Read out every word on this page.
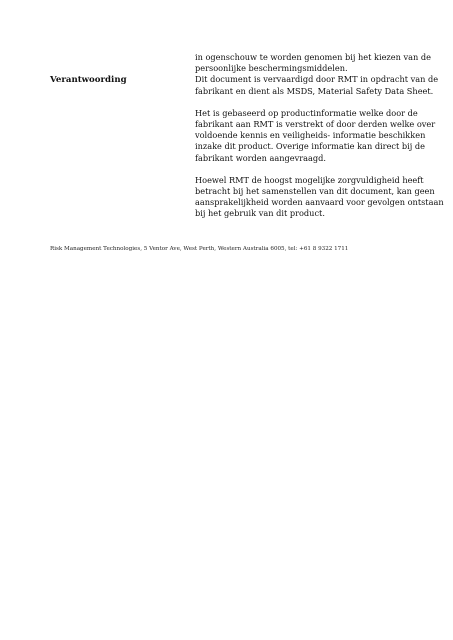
Verantwoording
in ogenschouw te worden genomen bij het kiezen van de
persoonlijke beschermingsmiddelen.
Dit document is vervaardigd door RMT in opdracht van de
fabrikant en dient als MSDS, Material Safety Data Sheet.
Het is gebaseerd op productinformatie welke door de
fabrikant aan RMT is verstrekt of door derden welke over
voldoende kennis en veiligheids- informatie beschikken
inzake dit product. Overige informatie kan direct bij de
fabrikant worden aangevraagd.
Hoewel RMT de hoogst mogelijke zorgvuldigheid heeft
betracht bij het samenstellen van dit document, kan geen
aansprakelijkheid worden aanvaard voor gevolgen ontstaan
bij het gebruik van dit product.
Risk Management Technologies, 5 Ventor Ave, West Perth, Western Australia 6005, tel: +61 8 9322 1711
